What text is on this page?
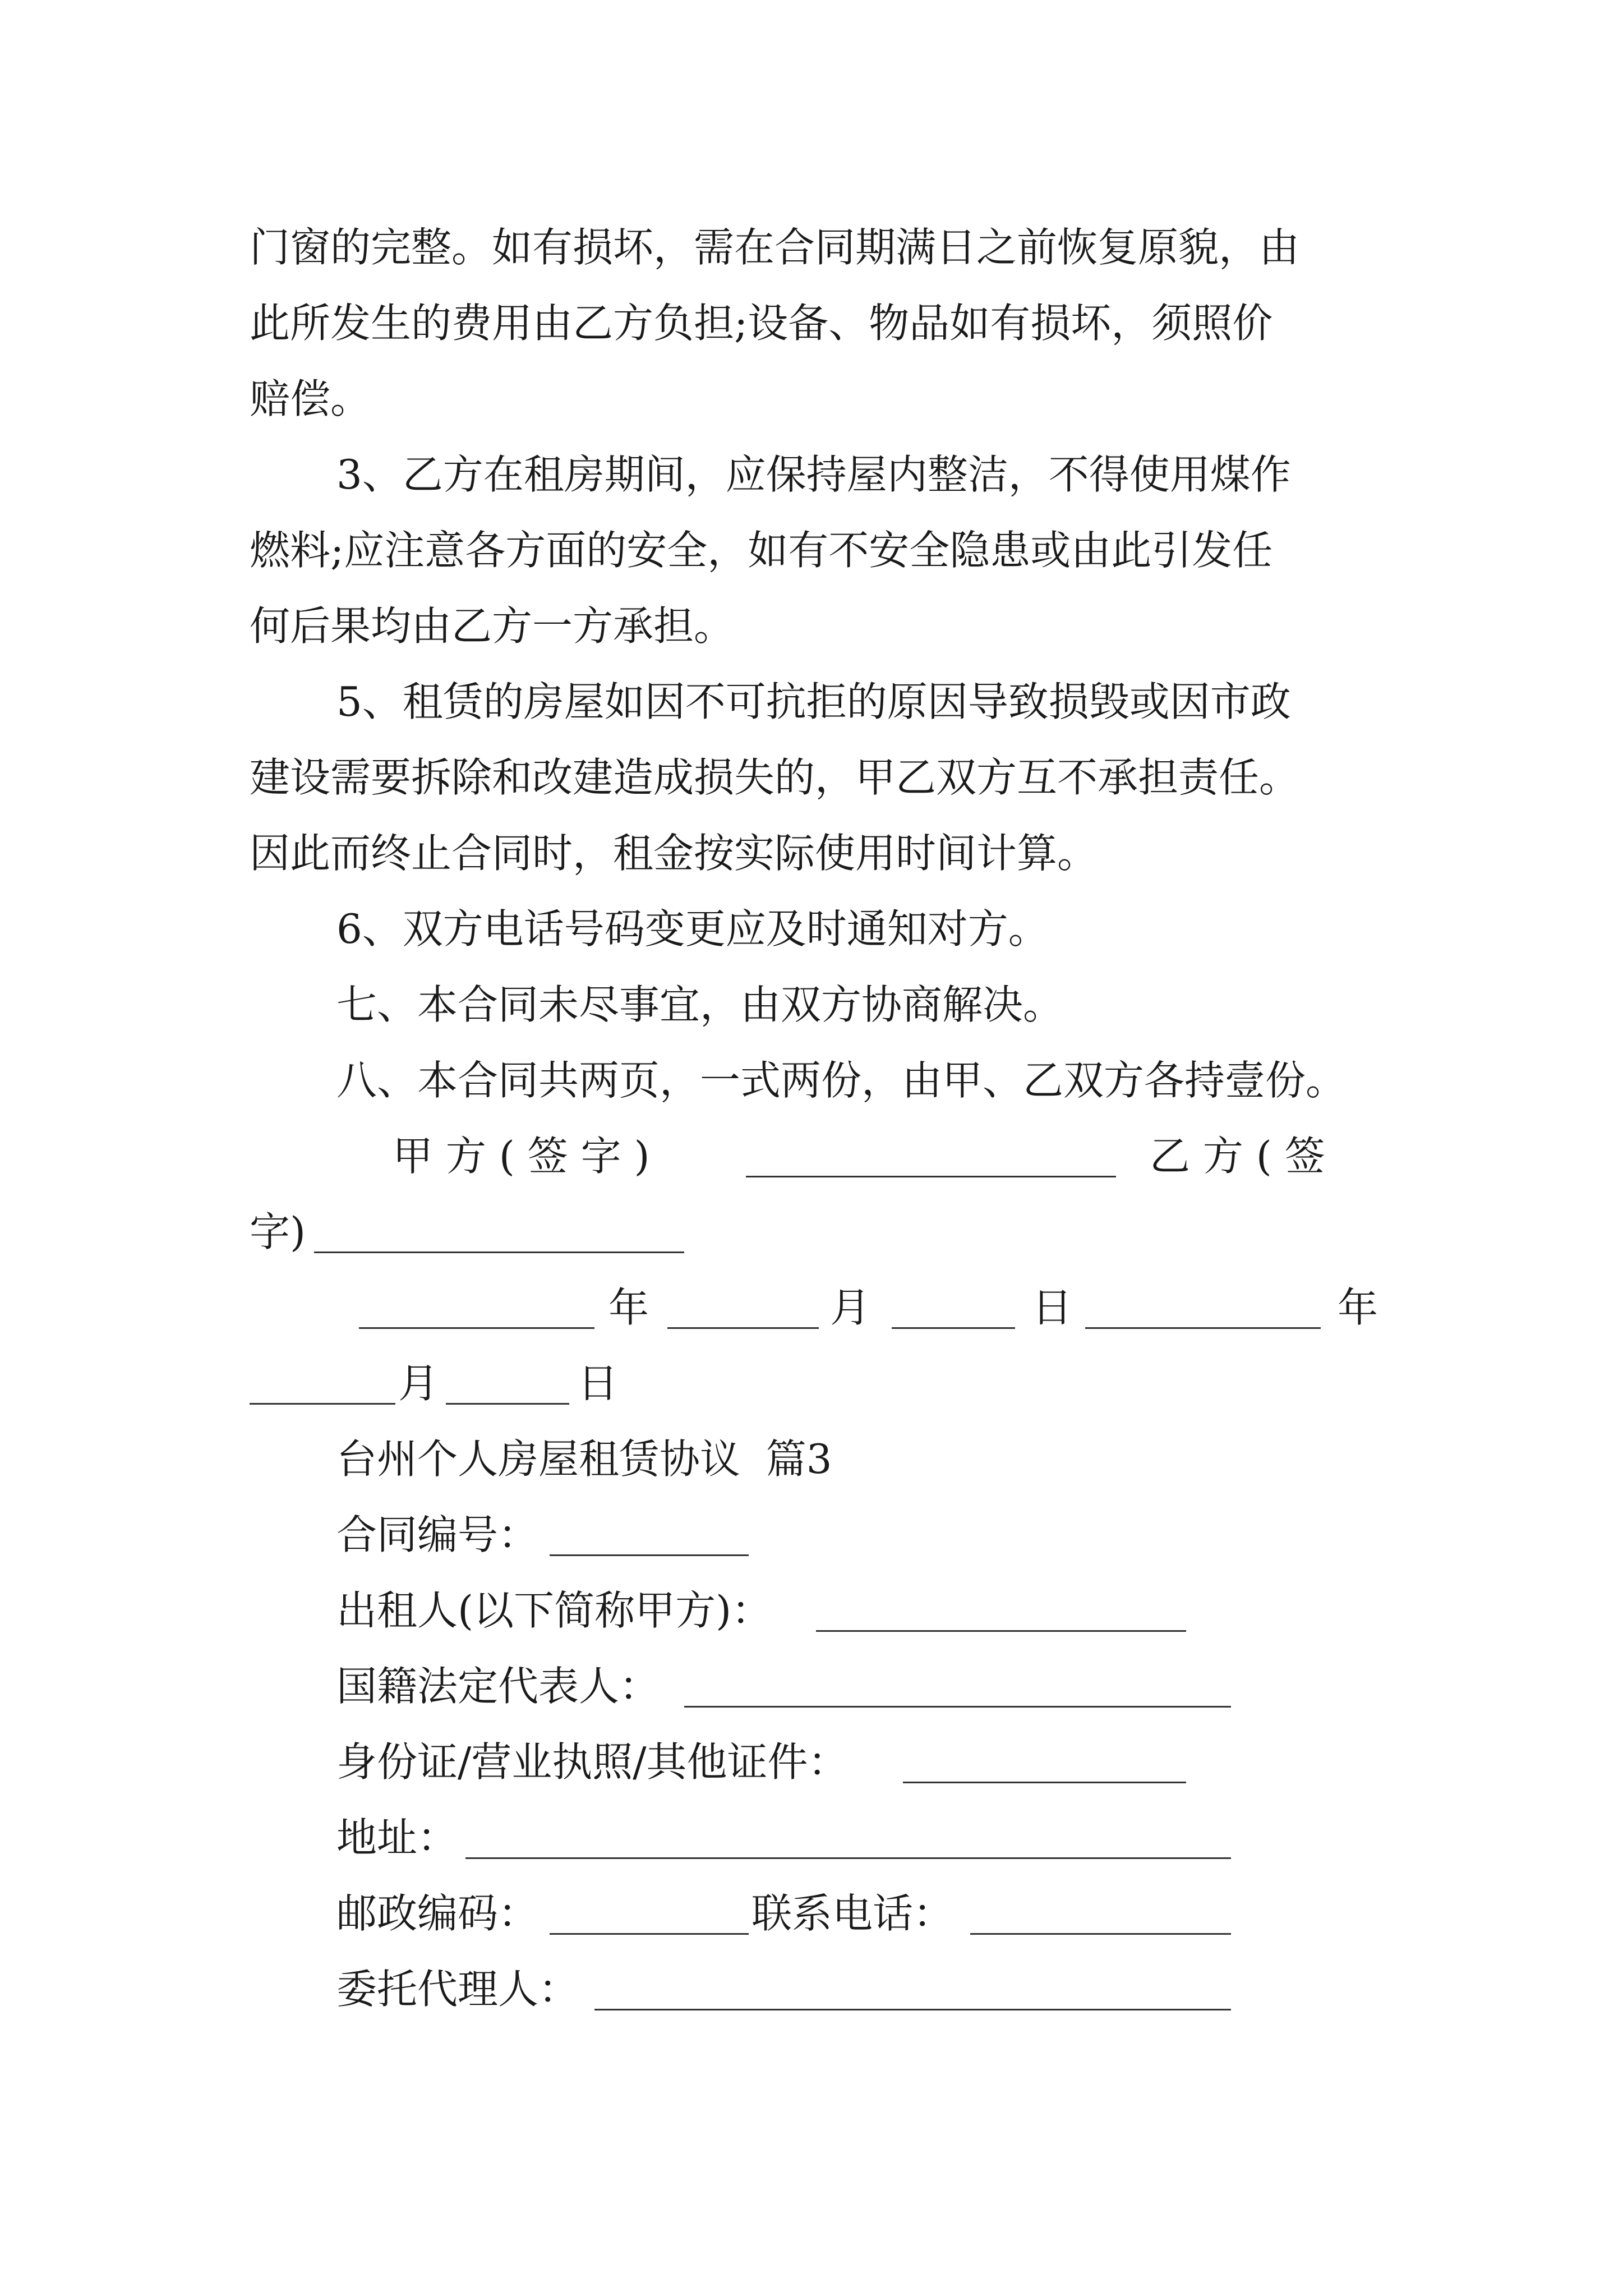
门窗的完整。如有损坏，需在合同期满日之前恢复原貌，由
此所发生的费用由乙方负担;设备、物品如有损坏，须照价
赔偿。
3、乙方在租房期间，应保持屋内整洁，不得使用煤作
燃料;应注意各方面的安全，如有不安全隐患或由此引发任
何后果均由乙方一方承担。
5、租赁的房屋如因不可抗拒的原因导致损毁或因市政
建设需要拆除和改建造成损失的，甲乙双方互不承担责任。
因此而终止合同时，租金按实际使用时间计算。
6、双方电话号码变更应及时通知对方。
七、本合同未尽事宜，由双方协商解决。
八、本合同共两页，一式两份，由甲、乙双方各持壹份。
甲 方 ( 签 字 )	乙 方 ( 签
字)
年	月	日	年
月	日
台州个人房屋租赁协议  篇3
合同编号：
出租人(以下简称甲方)：
国籍法定代表人：
身份证/营业执照/其他证件：
地址：
邮政编码：	联系电话：
委托代理人：
